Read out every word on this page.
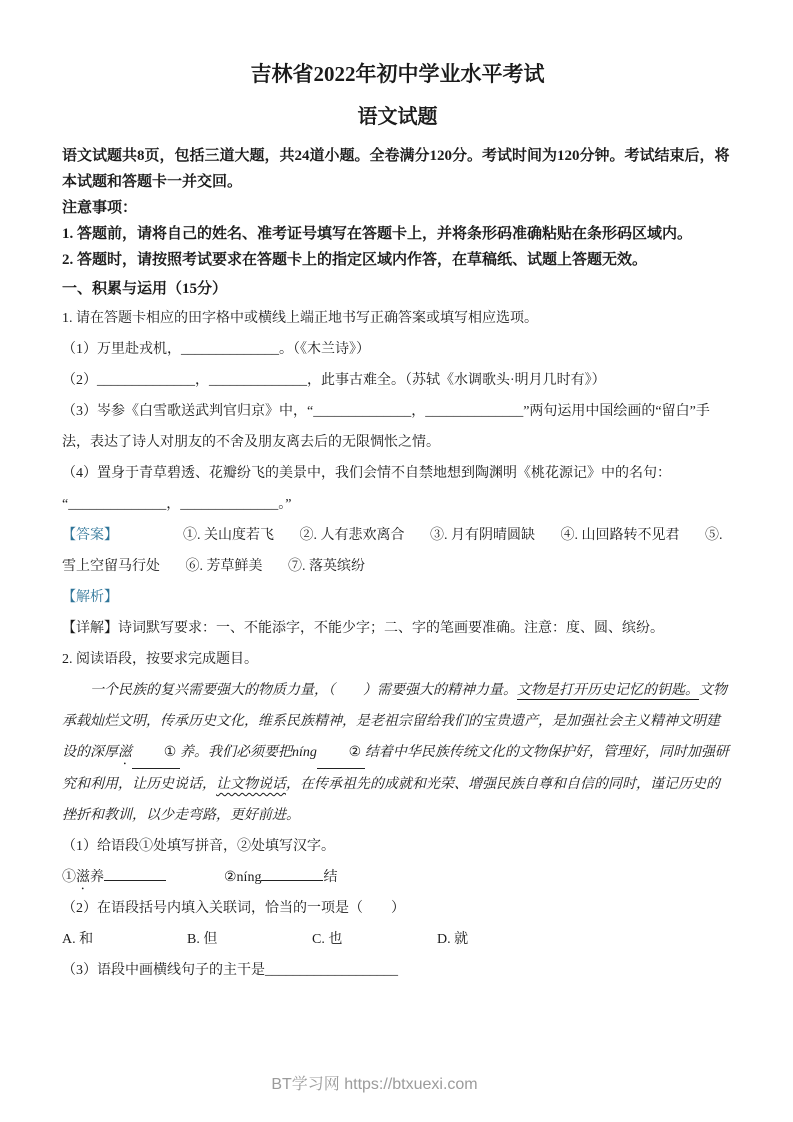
吉林省2022年初中学业水平考试
语文试题

语文试题共8页，包括三道大题，共24道小题。全卷满分120分。考试时间为120分钟。考试结束后，将本试题和答题卡一并交回。

注意事项：

1. 答题前，请将自己的姓名、准考证号填写在答题卡上，并将条形码准确粘贴在条形码区域内。

2. 答题时，请按照考试要求在答题卡上的指定区域内作答，在草稿纸、试题上答题无效。

一、积累与运用（15分）

1. 请在答题卡相应的田字格中或横线上端正地书写正确答案或填写相应选项。

（1）万里赴戎机，______________。（《木兰诗》）

（2）______________，______________，此事古难全。（苏轼《水调歌头·明月几时有》）

（3）岑参《白雪歌送武判官归京》中，“______________，______________”两句运用中国绘画的“留白”手法，表达了诗人对朋友的不舍及朋友离去后的无限惆怅之情。

（4）置身于青草碧透、花瓣纷飞的美景中，我们会情不自禁地想到陶渊明《桃花源记》中的名句：

“______________，______________。”

【答案】	①. 关山度若飞 ②. 人有悲欢离合 ③. 月有阴晴圆缺 ④. 山回路转不见君 ⑤. 雪上空留马行处 ⑥. 芳草鲜美 ⑦. 落英缤纷

【解析】

【详解】诗词默写要求：一、不能添字，不能少字；二、字的笔画要准确。注意：度、圆、缤纷。

2. 阅读语段，按要求完成题目。

一个民族的复兴需要强大的物质力量，（　　）需要强大的精神力量。文物是打开历史记忆的钥匙。文物承载灿烂文明，传承历史文化，维系民族精神，是老祖宗留给我们的宝贵遗产，是加强社会主义精神文明建设的深厚滋 ① 养。我们必须要把níng ② 结着中华民族传统文化的文物保护好，管理好，同时加强研究和利用，让历史说话，让文物说话，在传承祖先的成就和光荣、增强民族自尊和自信的同时，谨记历史的挫折和教训，以少走弯路，更好前进。

（1）给语段①处填写拼音，②处填写汉字。

①滋养	②níng	结

（2）在语段括号内填入关联词，恰当的一项是（　　）

A. 和	B. 但	C. 也	D. 就

（3）语段中画横线句子的主干是___________________

BT学习网 https://btxuexi.com
